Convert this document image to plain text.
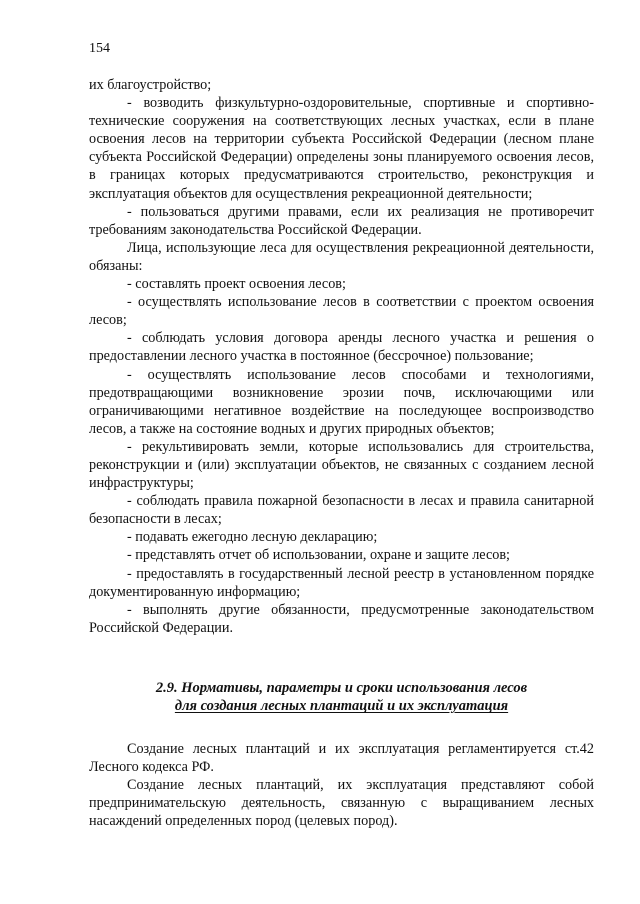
154

их благоустройство;

- возводить физкультурно-оздоровительные, спортивные и спортивно-технические сооружения на соответствующих лесных участках, если в плане освоения лесов на территории субъекта Российской Федерации (лесном плане субъекта Российской Федерации) определены зоны планируемого освоения лесов, в границах которых предусматриваются строительство, реконструкция и эксплуатация объектов для осуществления рекреационной деятельности;

- пользоваться другими правами, если их реализация не противоречит требованиям законодательства Российской Федерации.

Лица, использующие леса для осуществления рекреационной деятельности, обязаны:

- составлять проект освоения лесов;

- осуществлять использование лесов в соответствии с проектом освоения лесов;

- соблюдать условия договора аренды лесного участка и решения о предоставлении лесного участка в постоянное (бессрочное) пользование;

- осуществлять использование лесов способами и технологиями, предотвращающими возникновение эрозии почв, исключающими или ограничивающими негативное воздействие на последующее воспроизводство лесов, а также на состояние водных и других природных объектов;

- рекультивировать земли, которые использовались для строительства, реконструкции и (или) эксплуатации объектов, не связанных с созданием лесной инфраструктуры;

- соблюдать правила пожарной безопасности в лесах и правила санитарной безопасности в лесах;

- подавать ежегодно лесную декларацию;

- представлять отчет об использовании, охране и защите лесов;

- предоставлять в государственный лесной реестр в установленном порядке документированную информацию;

- выполнять другие обязанности, предусмотренные законодательством Российской Федерации.

2.9. Нормативы, параметры и сроки использования лесов

для создания лесных плантаций и их эксплуатация

Создание лесных плантаций и их эксплуатация регламентируется ст.42 Лесного кодекса РФ.

Создание лесных плантаций, их эксплуатация представляют собой предпринимательскую деятельность, связанную с выращиванием лесных насаждений определенных пород (целевых пород).
